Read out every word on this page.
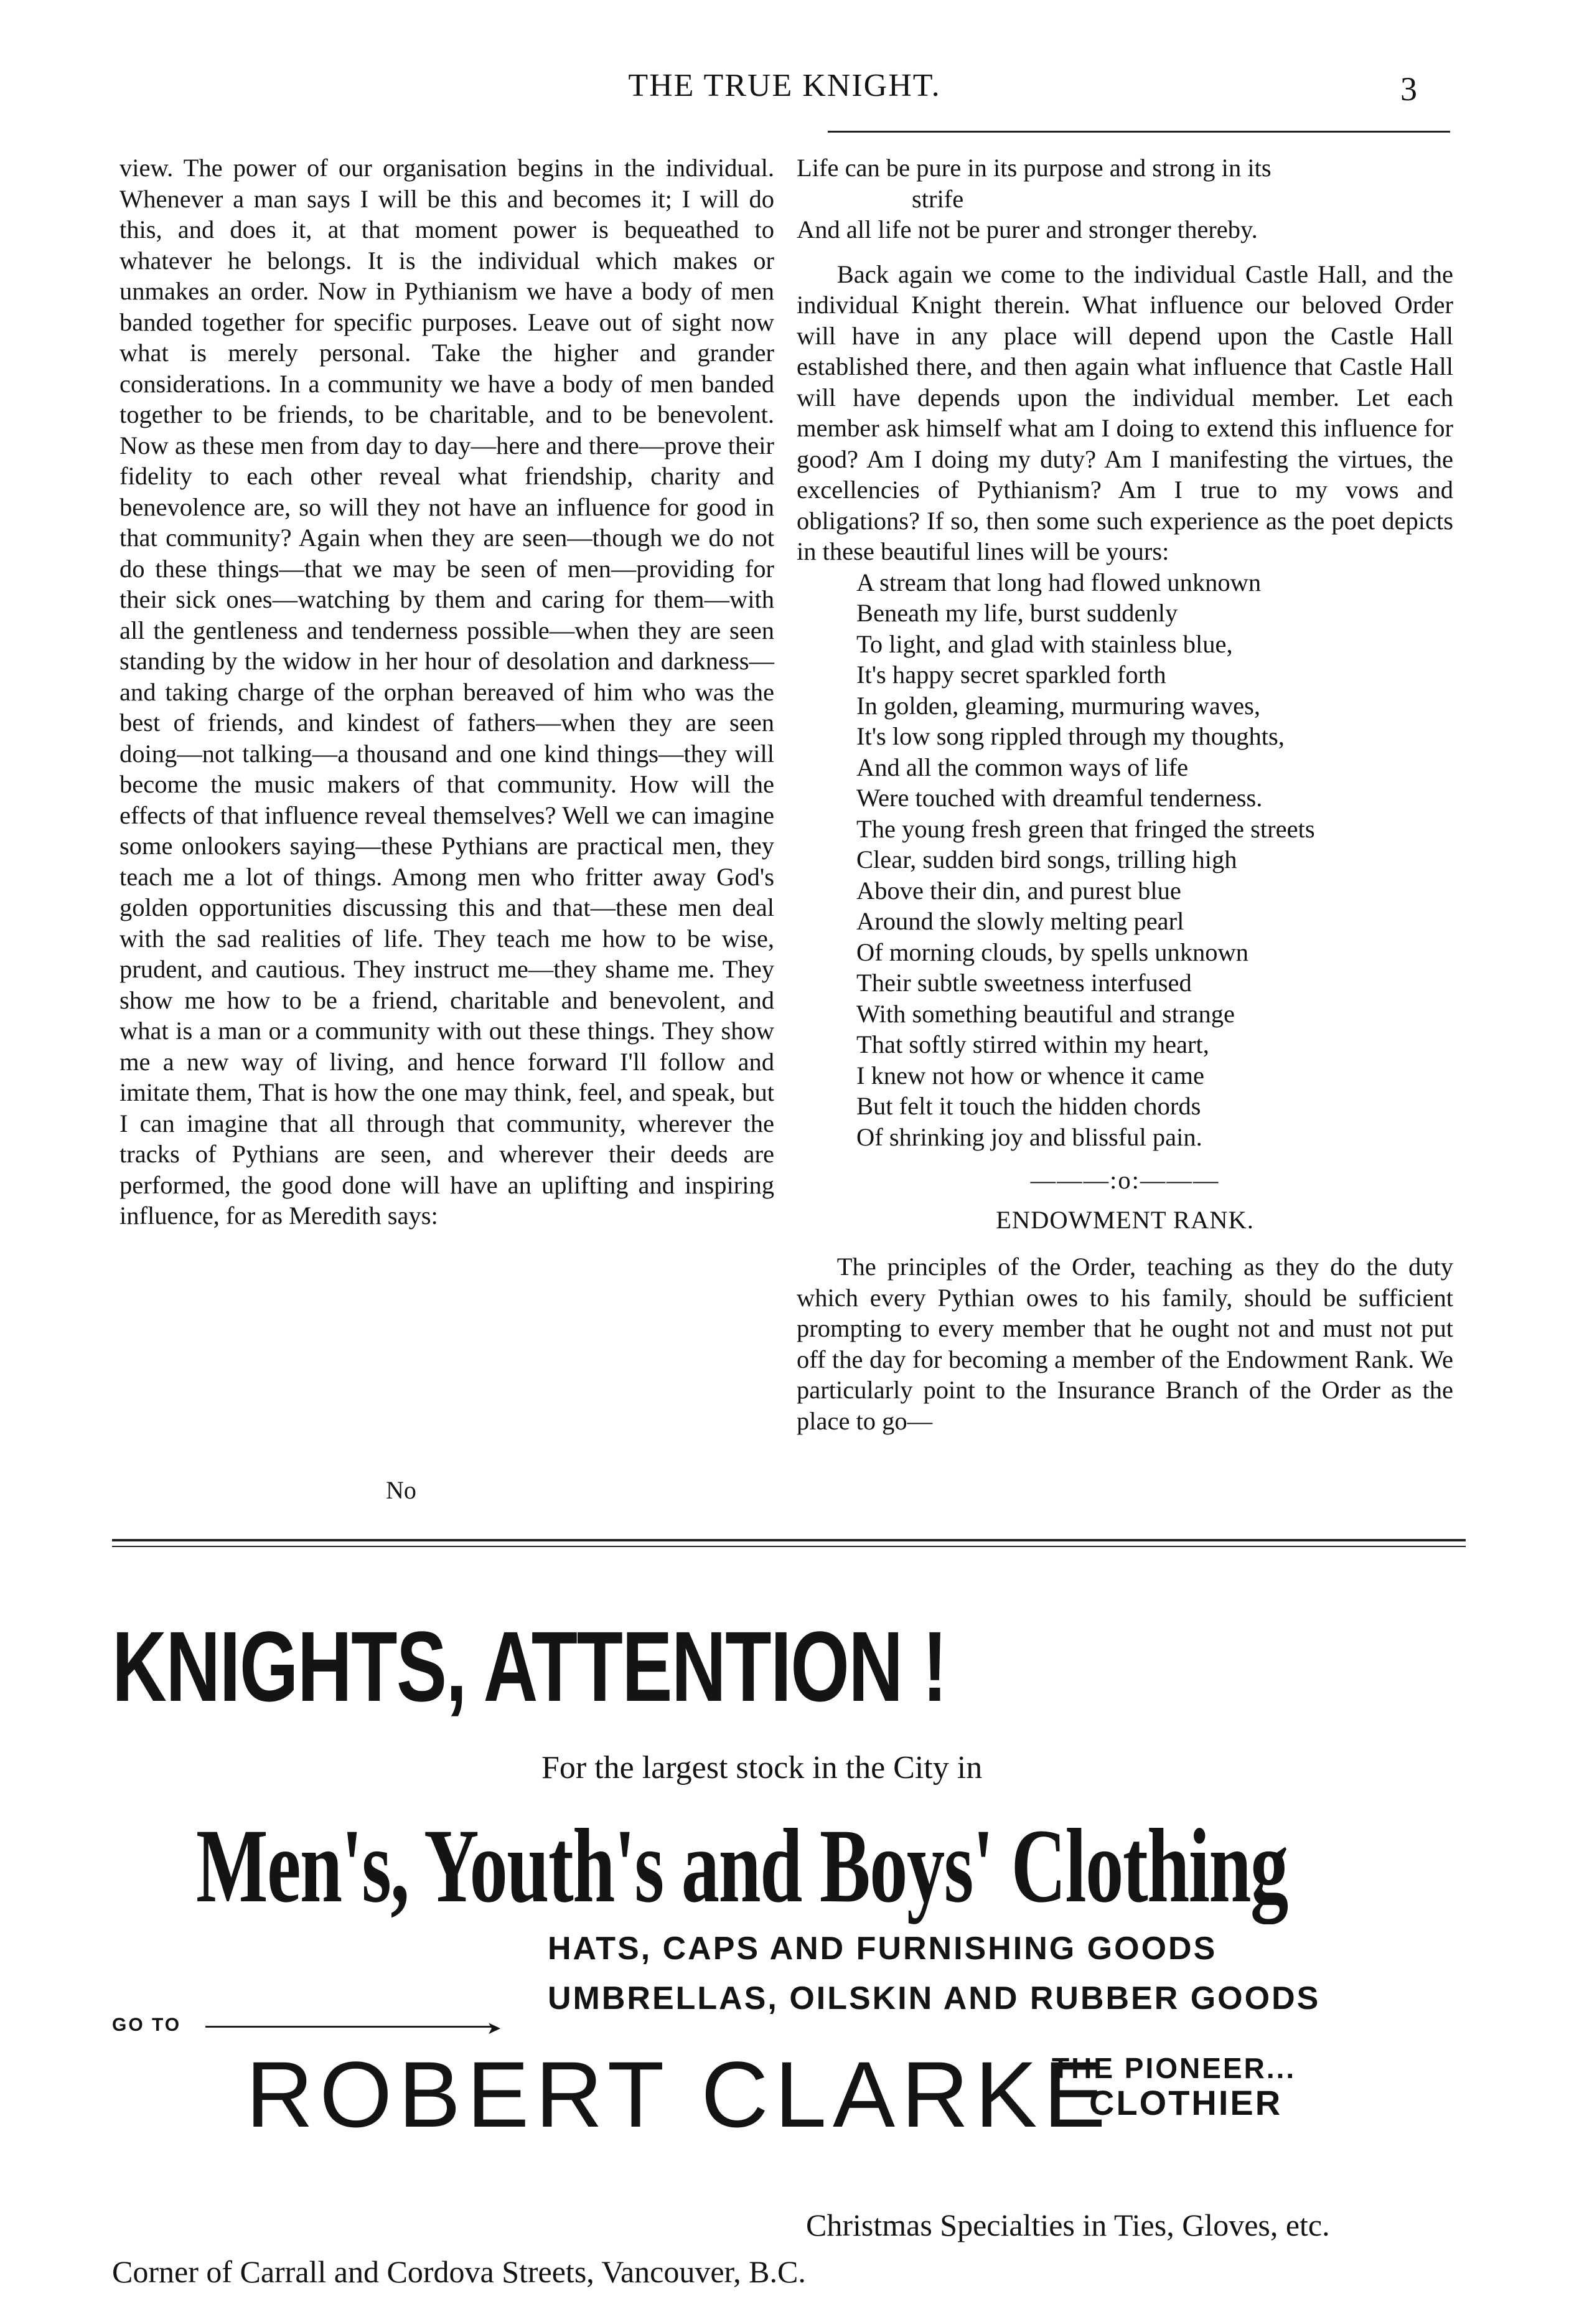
THE TRUE KNIGHT.	3

view. The power of our organisation begins in the individual. Whenever a man says I will be this and becomes it; I will do this, and does it, at that moment power is bequeathed to whatever he belongs. It is the individual which makes or unmakes an order. Now in Pythianism we have a body of men banded together for specific purposes. Leave out of sight now what is merely personal. Take the higher and grander considerations. In a community we have a body of men banded together to be friends, to be charitable, and to be benevolent. Now as these men from day to day—here and there—prove their fidelity to each other reveal what friendship, charity and benevolence are, so will they not have an influence for good in that community? Again when they are seen—though we do not do these things—that we may be seen of men—providing for their sick ones—watching by them and caring for them—with all the gentleness and tenderness possible—when they are seen standing by the widow in her hour of desolation and darkness—and taking charge of the orphan bereaved of him who was the best of friends, and kindest of fathers—when they are seen doing—not talking—a thousand and one kind things—they will become the music makers of that community. How will the effects of that influence reveal themselves? Well we can imagine some onlookers saying—these Pythians are practical men, they teach me a lot of things. Among men who fritter away God's golden opportunities discussing this and that—these men deal with the sad realities of life. They teach me how to be wise, prudent, and cautious. They instruct me—they shame me. They show me how to be a friend, charitable and benevolent, and what is a man or a community with out these things. They show me a new way of living, and hence forward I'll follow and imitate them, That is how the one may think, feel, and speak, but I can imagine that all through that community, wherever the tracks of Pythians are seen, and wherever their deeds are performed, the good done will have an uplifting and inspiring influence, for as Meredith says:

No
Life can be pure in its purpose and strong in its
strife
And all life not be purer and stronger thereby.

Back again we come to the individual Castle Hall, and the individual Knight therein. What influence our beloved Order will have in any place will depend upon the Castle Hall established there, and then again what influence that Castle Hall will have depends upon the individual member. Let each member ask himself what am I doing to extend this influence for good? Am I doing my duty? Am I manifesting the virtues, the excellencies of Pythianism? Am I true to my vows and obligations? If so, then some such experience as the poet depicts in these beautiful lines will be yours:

A stream that long had flowed unknown
Beneath my life, burst suddenly
To light, and glad with stainless blue,
It's happy secret sparkled forth
In golden, gleaming, murmuring waves,
It's low song rippled through my thoughts,
And all the common ways of life
Were touched with dreamful tenderness.
The young fresh green that fringed the streets
Clear, sudden bird songs, trilling high
Above their din, and purest blue
Around the slowly melting pearl
Of morning clouds, by spells unknown
Their subtle sweetness interfused
With something beautiful and strange
That softly stirred within my heart,
I knew not how or whence it came
But felt it touch the hidden chords
Of shrinking joy and blissful pain.
———:o:———
ENDOWMENT RANK.

The principles of the Order, teaching as they do the duty which every Pythian owes to his family, should be sufficient prompting to every member that he ought not and must not put off the day for becoming a member of the Endowment Rank. We particularly point to the Insurance Branch of the Order as the place to go—

KNIGHTS, ATTENTION !
For the largest stock in the City in
Men's, Youth's and Boys' Clothing
HATS, CAPS AND FURNISHING GOODS
UMBRELLAS, OILSKIN AND RUBBER GOODS
GO TO	➤
ROBERT CLARKE
THE PIONEER...
CLOTHIER
Christmas Specialties in Ties, Gloves, etc.
Corner of Carrall and Cordova Streets, Vancouver, B.C.
